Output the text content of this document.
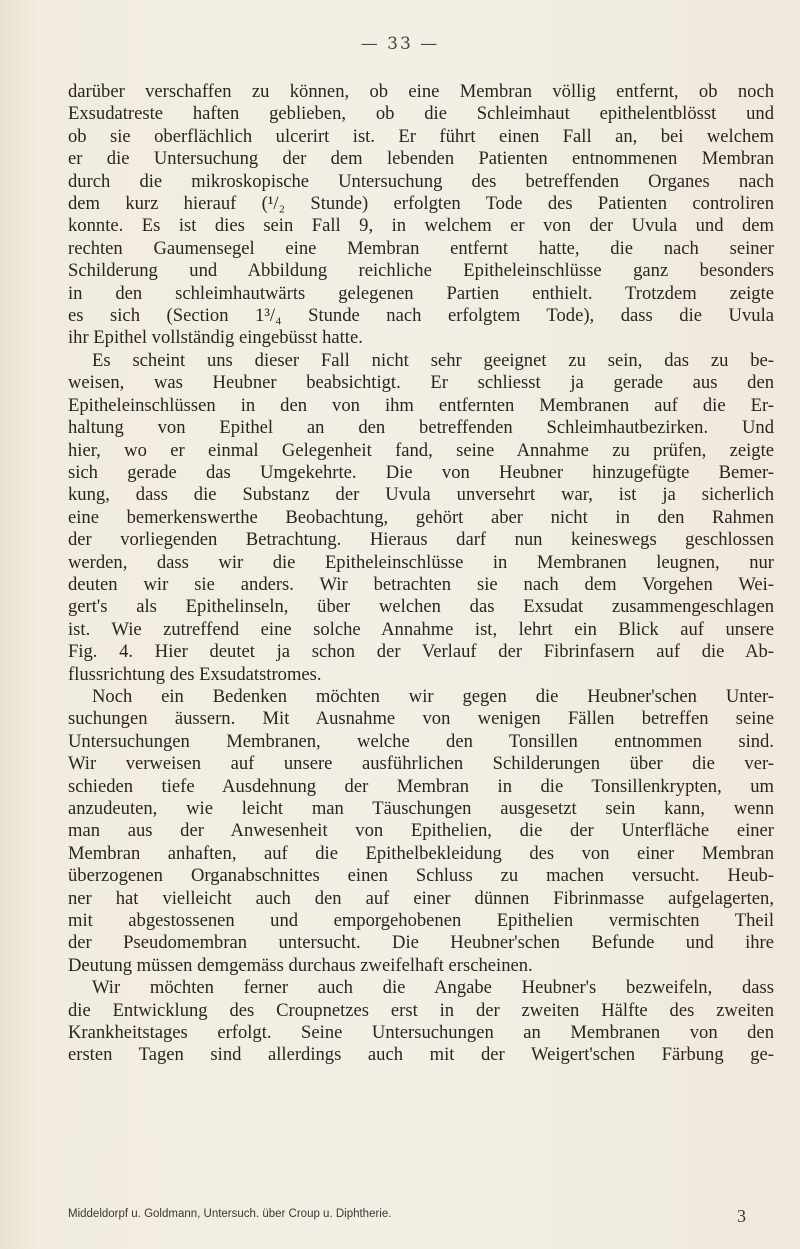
— 33 —

darüber verschaffen zu können, ob eine Membran völlig entfernt, ob noch
Exsudatreste haften geblieben, ob die Schleimhaut epithelentblösst und
ob sie oberflächlich ulcerirt ist. Er führt einen Fall an, bei welchem
er die Untersuchung der dem lebenden Patienten entnommenen Membran
durch die mikroskopische Untersuchung des betreffenden Organes nach
dem kurz hierauf (¹/₂ Stunde) erfolgten Tode des Patienten controliren
konnte. Es ist dies sein Fall 9, in welchem er von der Uvula und dem
rechten Gaumensegel eine Membran entfernt hatte, die nach seiner
Schilderung und Abbildung reichliche Epitheleinschlüsse ganz besonders
in den schleimhautwärts gelegenen Partien enthielt. Trotzdem zeigte
es sich (Section 1³/₄ Stunde nach erfolgtem Tode), dass die Uvula
ihr Epithel vollständig eingebüsst hatte.

Es scheint uns dieser Fall nicht sehr geeignet zu sein, das zu be-
weisen, was Heubner beabsichtigt. Er schliesst ja gerade aus den
Epitheleinschlüssen in den von ihm entfernten Membranen auf die Er-
haltung von Epithel an den betreffenden Schleimhautbezirken. Und
hier, wo er einmal Gelegenheit fand, seine Annahme zu prüfen, zeigte
sich gerade das Umgekehrte. Die von Heubner hinzugefügte Bemer-
kung, dass die Substanz der Uvula unversehrt war, ist ja sicherlich
eine bemerkenswerthe Beobachtung, gehört aber nicht in den Rahmen
der vorliegenden Betrachtung. Hieraus darf nun keineswegs geschlossen
werden, dass wir die Epitheleinschlüsse in Membranen leugnen, nur
deuten wir sie anders. Wir betrachten sie nach dem Vorgehen Wei-
gert's als Epithelinseln, über welchen das Exsudat zusammengeschlagen
ist. Wie zutreffend eine solche Annahme ist, lehrt ein Blick auf unsere
Fig. 4. Hier deutet ja schon der Verlauf der Fibrinfasern auf die Ab-
flussrichtung des Exsudatstromes.

Noch ein Bedenken möchten wir gegen die Heubner'schen Unter-
suchungen äussern. Mit Ausnahme von wenigen Fällen betreffen seine
Untersuchungen Membranen, welche den Tonsillen entnommen sind.
Wir verweisen auf unsere ausführlichen Schilderungen über die ver-
schieden tiefe Ausdehnung der Membran in die Tonsillenkrypten, um
anzudeuten, wie leicht man Täuschungen ausgesetzt sein kann, wenn
man aus der Anwesenheit von Epithelien, die der Unterfläche einer
Membran anhaften, auf die Epithelbekleidung des von einer Membran
überzogenen Organabschnittes einen Schluss zu machen versucht. Heub-
ner hat vielleicht auch den auf einer dünnen Fibrinmasse aufgelagerten,
mit abgestossenen und emporgehobenen Epithelien vermischten Theil
der Pseudomembran untersucht. Die Heubner'schen Befunde und ihre
Deutung müssen demgemäss durchaus zweifelhaft erscheinen.

Wir möchten ferner auch die Angabe Heubner's bezweifeln, dass
die Entwicklung des Croupnetzes erst in der zweiten Hälfte des zweiten
Krankheitstages erfolgt. Seine Untersuchungen an Membranen von den
ersten Tagen sind allerdings auch mit der Weigert'schen Färbung ge-

Middeldorpf u. Goldmann, Untersuch. über Croup u. Diphtherie.	3
